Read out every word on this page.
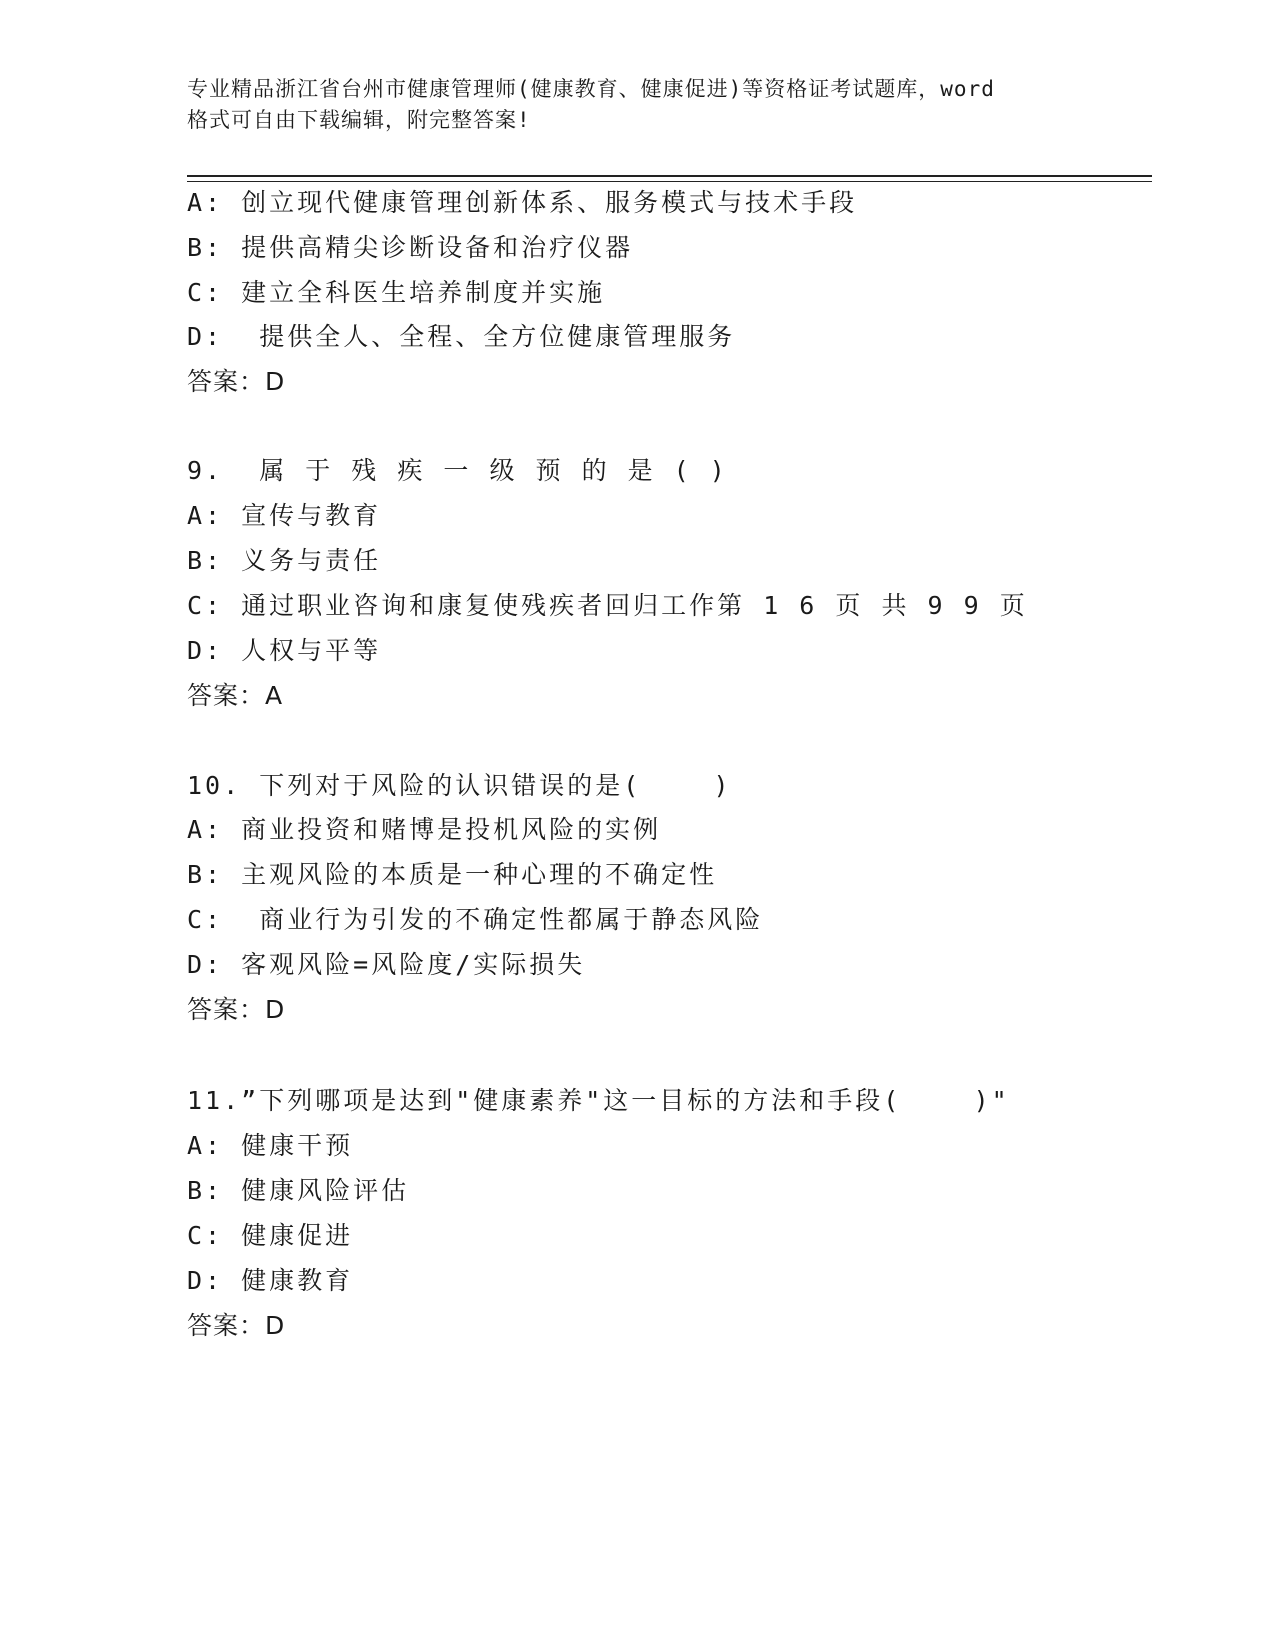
专业精品浙江省台州市健康管理师(健康教育、健康促进)等资格证考试题库，word
格式可自由下载编辑，附完整答案!
A: 创立现代健康管理创新体系、服务模式与技术手段
B: 提供高精尖诊断设备和治疗仪器
C: 建立全科医生培养制度并实施
D:  提供全人、全程、全方位健康管理服务
答案：D
9.  属 于 残 疾 一 级 预 的 是 ( )
A: 宣传与教育
B: 义务与责任
C: 通过职业咨询和康复使残疾者回归工作第 1 6 页 共 9 9 页
D: 人权与平等
答案：A
10. 下列对于风险的认识错误的是(    )
A: 商业投资和赌博是投机风险的实例
B: 主观风险的本质是一种心理的不确定性
C:  商业行为引发的不确定性都属于静态风险
D: 客观风险=风险度/实际损失
答案：D
11.”下列哪项是达到"健康素养"这一目标的方法和手段(    )"
A: 健康干预
B: 健康风险评估
C: 健康促进
D: 健康教育
答案：D
